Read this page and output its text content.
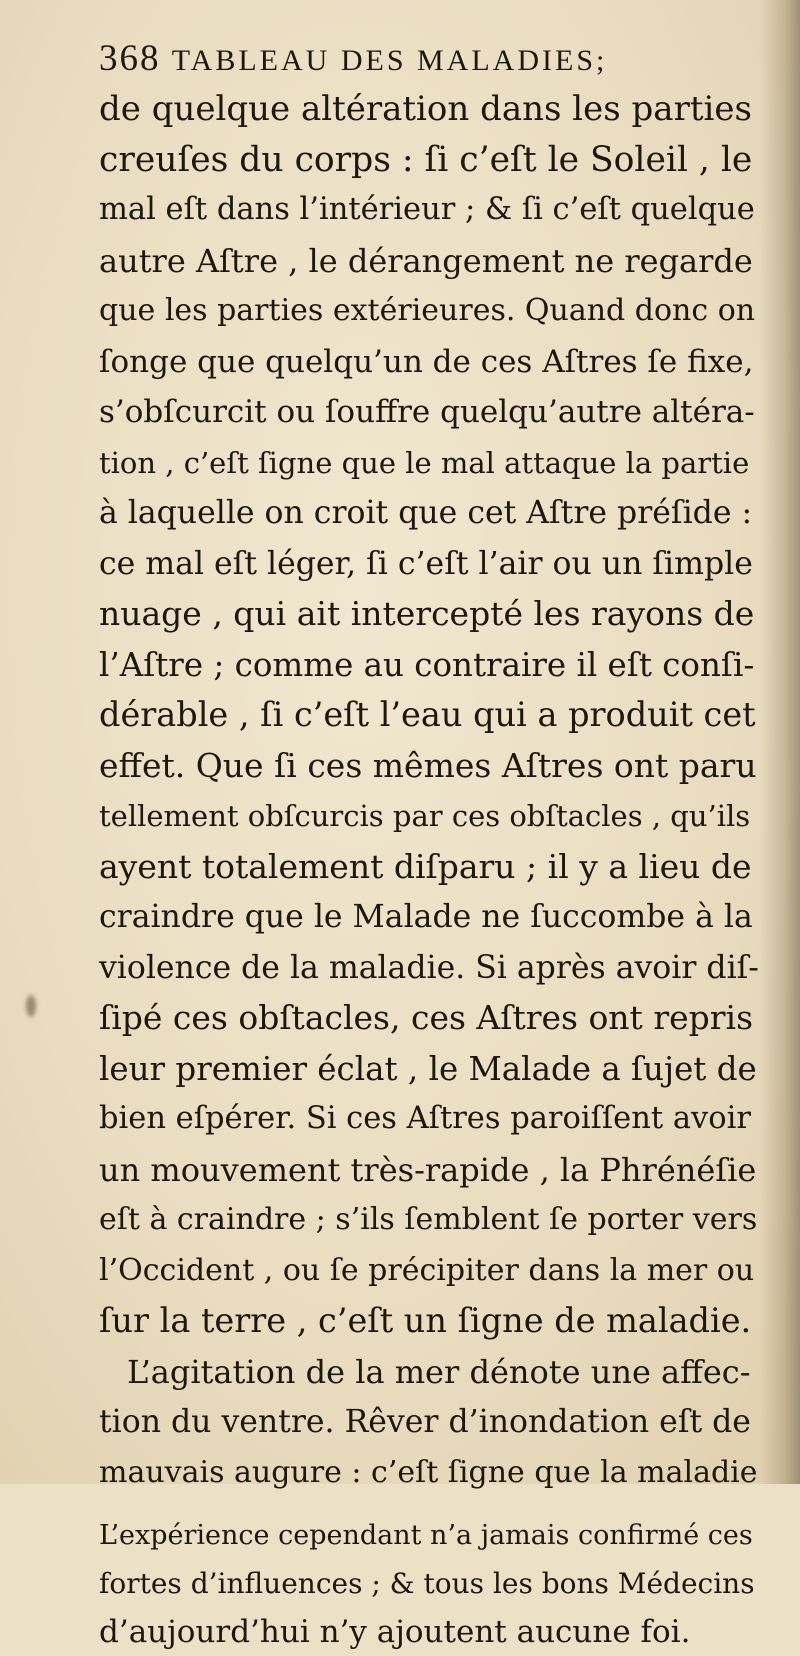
368 TABLEAU DES MALADIES;
de quelque altération dans les parties
creuſes du corps : ſi c’eſt le Soleil , le
mal eſt dans l’intérieur ; & ſi c’eſt quelque
autre Aſtre , le dérangement ne regarde
que les parties extérieures. Quand donc on
ſonge que quelqu’un de ces Aſtres ſe fixe,
s’obſcurcit ou ſouffre quelqu’autre altéra-
tion , c’eſt ſigne que le mal attaque la partie
à laquelle on croit que cet Aſtre préſide :
ce mal eſt léger, ſi c’eſt l’air ou un ſimple
nuage , qui ait intercepté les rayons de
l’Aſtre ; comme au contraire il eſt conſi-
dérable , ſi c’eſt l’eau qui a produit cet
effet. Que ſi ces mêmes Aſtres ont paru
tellement obſcurcis par ces obſtacles , qu’ils
ayent totalement diſparu ; il y a lieu de
craindre que le Malade ne ſuccombe à la
violence de la maladie. Si après avoir diſ-
ſipé ces obſtacles, ces Aſtres ont repris
leur premier éclat , le Malade a ſujet de
bien eſpérer. Si ces Aſtres paroiſſent avoir
un mouvement très-rapide , la Phrénéſie
eſt à craindre ; s’ils ſemblent ſe porter vers
l’Occident , ou ſe précipiter dans la mer ou
ſur la terre , c’eſt un ſigne de maladie.
L’agitation de la mer dénote une affec-
tion du ventre. Rêver d’inondation eſt de
mauvais augure : c’eſt ſigne que la maladie
L’expérience cependant n’a jamais confirmé ces
fortes d’influences ; & tous les bons Médecins
d’aujourd’hui n’y ajoutent aucune foi.
